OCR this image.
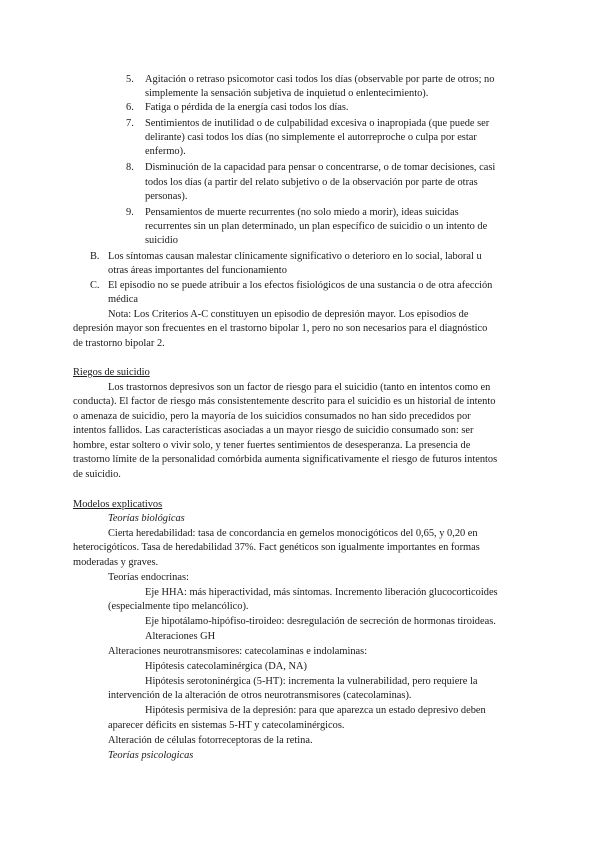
5. Agitación o retraso psicomotor casi todos los días (observable por parte de otros; no
simplemente la sensación subjetiva de inquietud o enlentecimiento).
6. Fatiga o pérdida de la energía casi todos los días.
7. Sentimientos de inutilidad o de culpabilidad excesiva o inapropiada (que puede ser
delirante) casi todos los días (no simplemente el autorreproche o culpa por estar
enfermo).
8. Disminución de la capacidad para pensar o concentrarse, o de tomar decisiones, casi
todos los días (a partir del relato subjetivo o de la observación por parte de otras
personas).
9. Pensamientos de muerte recurrentes (no solo miedo a morir), ideas suicidas
recurrentes sin un plan determinado, un plan específico de suicidio o un intento de
suicidio
B. Los síntomas causan malestar clínicamente significativo o deterioro en lo social, laboral u
otras áreas importantes del funcionamiento
C. El episodio no se puede atribuir a los efectos fisiológicos de una sustancia o de otra afección
médica
Nota: Los Criterios A-C constituyen un episodio de depresión mayor. Los episodios de
depresión mayor son frecuentes en el trastorno bipolar 1, pero no son necesarios para el diagnóstico
de trastorno bipolar 2.
Riegos de suicidio
Los trastornos depresivos son un factor de riesgo para el suicidio (tanto en intentos como en
conducta). El factor de riesgo más consistentemente descrito para el suicidio es un historial de intento
o amenaza de suicidio, pero la mayoría de los suicidios consumados no han sido precedidos por
intentos fallidos. Las características asociadas a un mayor riesgo de suicidio consumado son: ser
hombre, estar soltero o vivir solo, y tener fuertes sentimientos de desesperanza. La presencia de
trastorno límite de la personalidad comórbida aumenta significativamente el riesgo de futuros intentos
de suicidio.
Modelos explicativos
Teorías biológicas
Cierta heredabilidad: tasa de concordancia en gemelos monocigóticos del 0,65, y 0,20 en
heterocigóticos. Tasa de heredabilidad 37%. Fact genéticos son igualmente importantes en formas
moderadas y graves.
Teorías endocrinas:
Eje HHA: más hiperactividad, más síntomas. Incremento liberación glucocorticoides
(especialmente tipo melancólico).
Eje hipotálamo-hipófiso-tiroideo: desregulación de secreción de hormonas tiroideas.
Alteraciones GH
Alteraciones neurotransmisores: catecolaminas e indolaminas:
Hipótesis catecolaminérgica (DA, NA)
Hipótesis serotoninérgica (5-HT): incrementa la vulnerabilidad, pero requiere la
intervención de la alteración de otros neurotransmisores (catecolaminas).
Hipótesis permisiva de la depresión: para que aparezca un estado depresivo deben
aparecer déficits en sistemas 5-HT y catecolaminérgicos.
Alteración de células fotorreceptoras de la retina.
Teorías psicologicas
